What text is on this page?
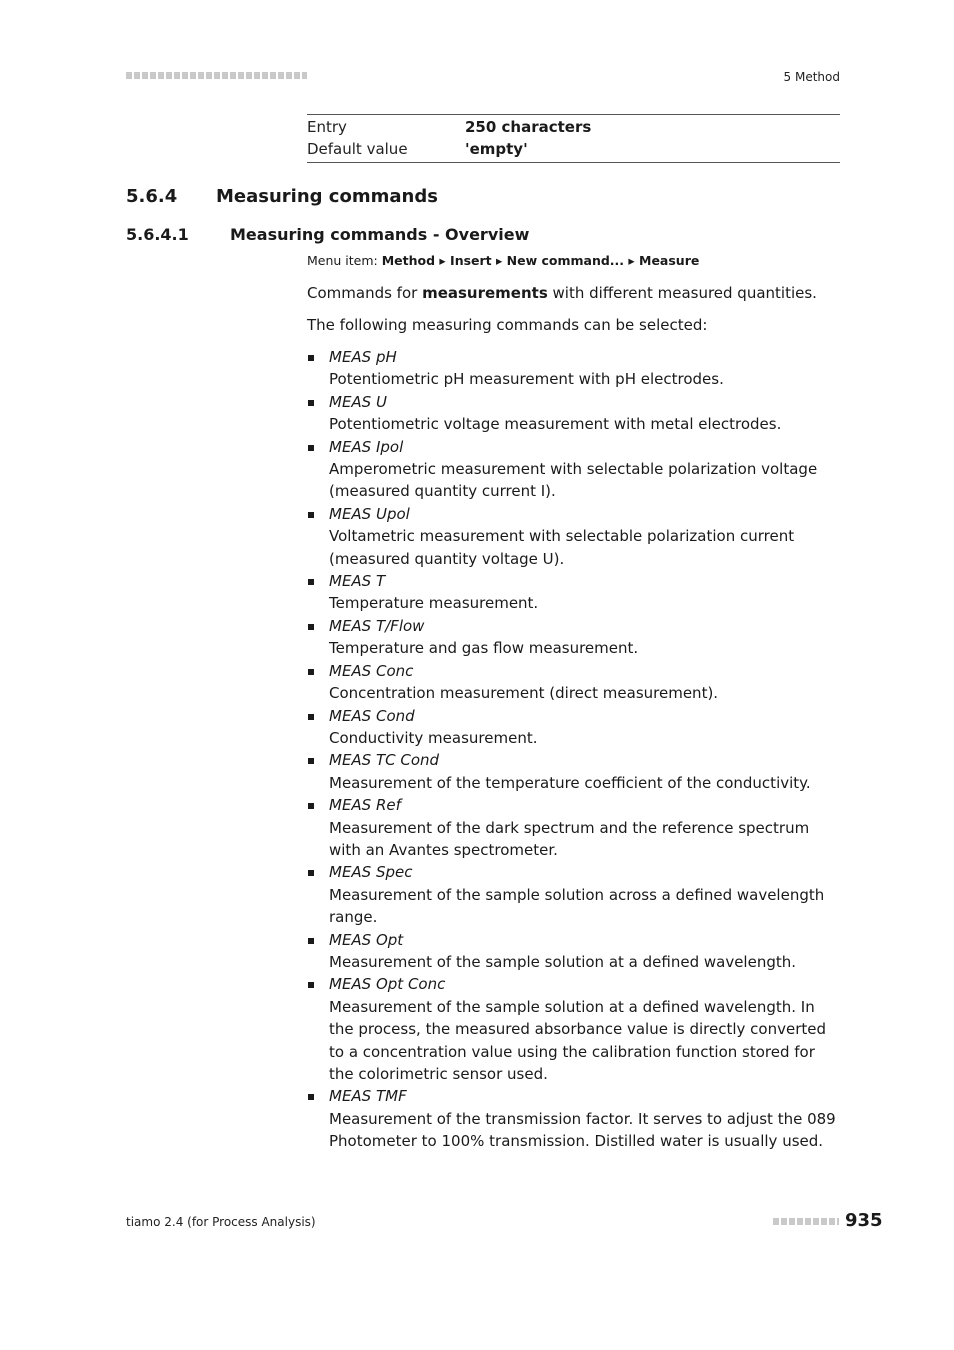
5 Method
Entry	250 characters
Default value	'empty'
5.6.4	Measuring commands
5.6.4.1	Measuring commands - Overview
Menu item: Method ▸ Insert ▸ New command... ▸ Measure
Commands for measurements with different measured quantities.
The following measuring commands can be selected:
MEAS pH
Potentiometric pH measurement with pH electrodes.
MEAS U
Potentiometric voltage measurement with metal electrodes.
MEAS Ipol
Amperometric measurement with selectable polarization voltage (measured quantity current I).
MEAS Upol
Voltametric measurement with selectable polarization current (measured quantity voltage U).
MEAS T
Temperature measurement.
MEAS T/Flow
Temperature and gas flow measurement.
MEAS Conc
Concentration measurement (direct measurement).
MEAS Cond
Conductivity measurement.
MEAS TC Cond
Measurement of the temperature coefficient of the conductivity.
MEAS Ref
Measurement of the dark spectrum and the reference spectrum with an Avantes spectrometer.
MEAS Spec
Measurement of the sample solution across a defined wavelength range.
MEAS Opt
Measurement of the sample solution at a defined wavelength.
MEAS Opt Conc
Measurement of the sample solution at a defined wavelength. In the process, the measured absorbance value is directly converted to a concentration value using the calibration function stored for the colorimetric sensor used.
MEAS TMF
Measurement of the transmission factor. It serves to adjust the 089 Photometer to 100% transmission. Distilled water is usually used.
tiamo 2.4 (for Process Analysis)	935
